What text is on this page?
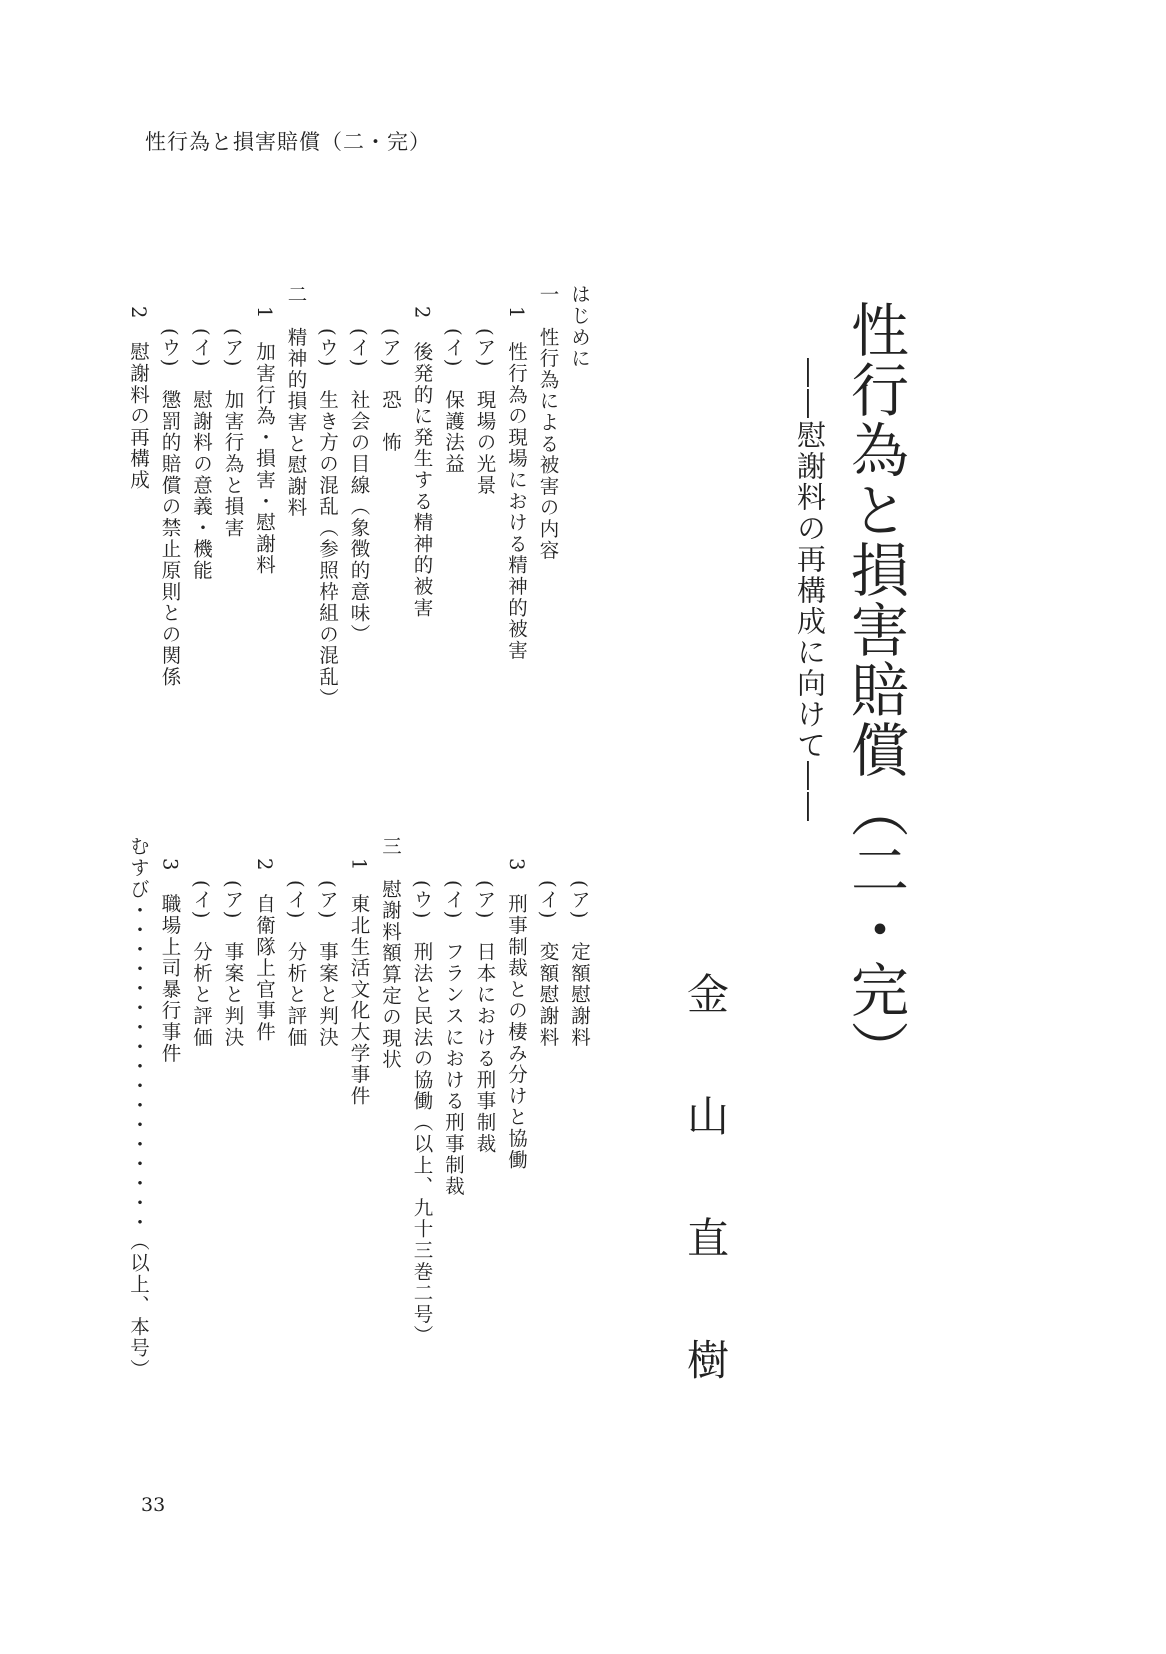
性行為と損害賠償（二・完）
性行為と損害賠償（二・完）
――慰謝料の再構成に向けて――
金山直樹
はじめに
一　性行為による被害の内容
1　性行為の現場における精神的被害
(ア)　現場の光景
(イ)　保護法益
2　後発的に発生する精神的被害
(ア)　恐　怖
(イ)　社会の目線（象徴的意味）
(ウ)　生き方の混乱（参照枠組の混乱）
二　精神的損害と慰謝料
1　加害行為・損害・慰謝料
(ア)　加害行為と損害
(イ)　慰謝料の意義・機能
(ウ)　懲罰的賠償の禁止原則との関係
2　慰謝料の再構成
(ア)　定額慰謝料
(イ)　変額慰謝料
3　刑事制裁との棲み分けと協働
(ア)　日本における刑事制裁
(イ)　フランスにおける刑事制裁
(ウ)　刑法と民法の協働（以上、九十三巻二号）
三　慰謝料額算定の現状
1　東北生活文化大学事件
(ア)　事案と判決
(イ)　分析と評価
2　自衛隊上官事件
(ア)　事案と判決
(イ)　分析と評価
3　職場上司暴行事件
むすび・・・・・・・・・・・・・・・・・（以上、本号）
33
